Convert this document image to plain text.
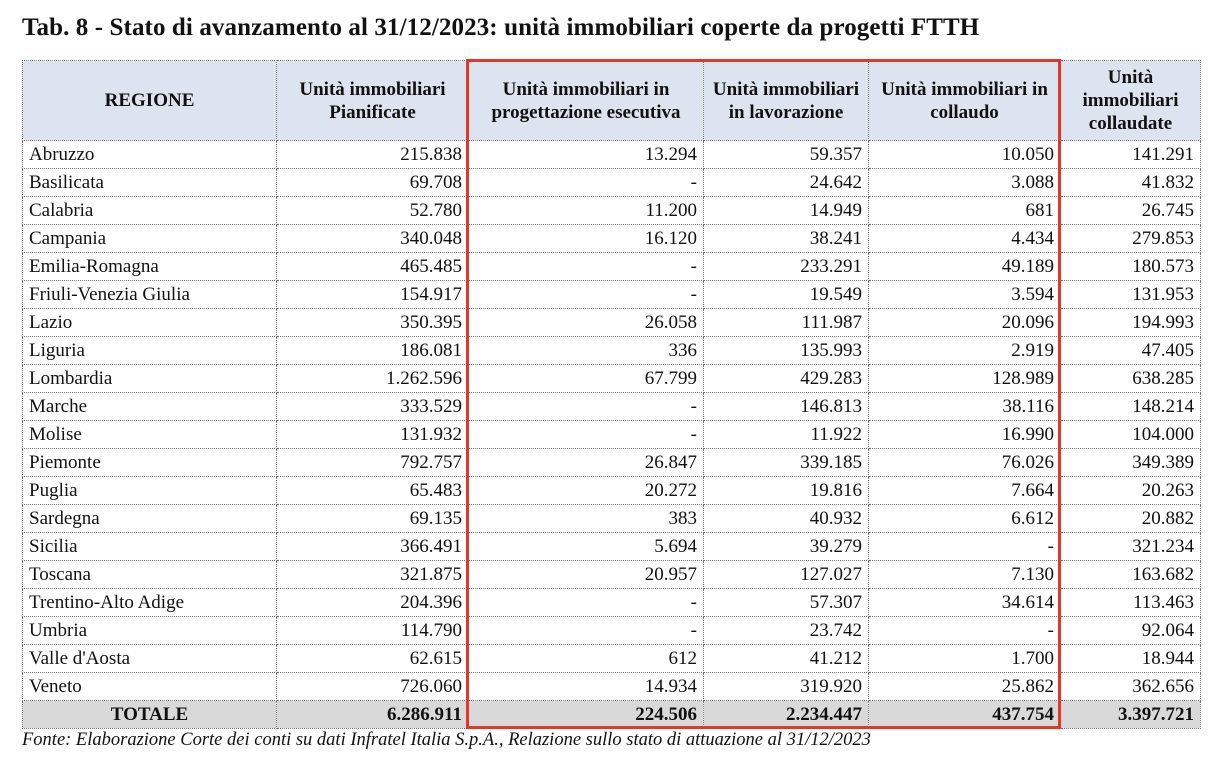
Tab. 8 - Stato di avanzamento al 31/12/2023: unità immobiliari coperte da progetti FTTH
REGIONE	Unità immobiliari Pianificate	Unità immobiliari in progettazione esecutiva	Unità immobiliari in lavorazione	Unità immobiliari in collaudo	Unità immobiliari collaudate
Abruzzo	215.838	13.294	59.357	10.050	141.291
Basilicata	69.708	-	24.642	3.088	41.832
Calabria	52.780	11.200	14.949	681	26.745
Campania	340.048	16.120	38.241	4.434	279.853
Emilia-Romagna	465.485	-	233.291	49.189	180.573
Friuli-Venezia Giulia	154.917	-	19.549	3.594	131.953
Lazio	350.395	26.058	111.987	20.096	194.993
Liguria	186.081	336	135.993	2.919	47.405
Lombardia	1.262.596	67.799	429.283	128.989	638.285
Marche	333.529	-	146.813	38.116	148.214
Molise	131.932	-	11.922	16.990	104.000
Piemonte	792.757	26.847	339.185	76.026	349.389
Puglia	65.483	20.272	19.816	7.664	20.263
Sardegna	69.135	383	40.932	6.612	20.882
Sicilia	366.491	5.694	39.279	-	321.234
Toscana	321.875	20.957	127.027	7.130	163.682
Trentino-Alto Adige	204.396	-	57.307	34.614	113.463
Umbria	114.790	-	23.742	-	92.064
Valle d'Aosta	62.615	612	41.212	1.700	18.944
Veneto	726.060	14.934	319.920	25.862	362.656
TOTALE	6.286.911	224.506	2.234.447	437.754	3.397.721
Fonte: Elaborazione Corte dei conti su dati Infratel Italia S.p.A., Relazione sullo stato di attuazione al 31/12/2023
